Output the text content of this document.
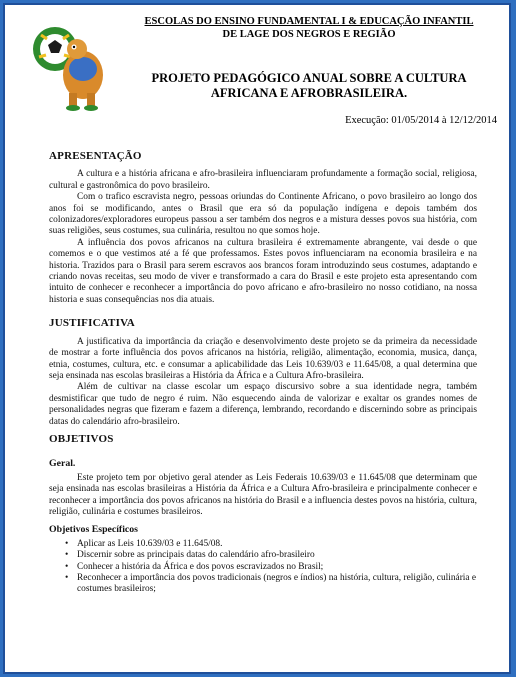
ESCOLAS DO ENSINO FUNDAMENTAL I & EDUCAÇÃO INFANTIL
DE LAGE DOS NEGROS E REGIÃO
PROJETO PEDAGÓGICO ANUAL SOBRE A CULTURA
AFRICANA E AFROBRASILEIRA.
Execução: 01/05/2014 à 12/12/2014
APRESENTAÇÃO

A cultura e a história africana e afro-brasileira influenciaram profundamente a formação social, religiosa, cultural e gastronômica do povo brasileiro.

Com o trafico escravista negro, pessoas oriundas do Continente Africano, o povo brasileiro ao longo dos anos foi se modificando, antes o Brasil que era só da população indígena e depois também dos colonizadores/exploradores europeus passou a ser também dos negros e a mistura desses povos sua história, com suas religiões, seus costumes, sua culinária, resultou no que somos hoje.

A influência dos povos africanos na cultura brasileira é extremamente abrangente, vai desde o que comemos e o que vestimos até a fé que professamos. Estes povos influenciaram na economia brasileira e na historia. Trazidos para o Brasil para serem escravos aos brancos foram introduzindo seus costumes, adaptando e criando novas receitas, seu modo de viver e transformado a cara do Brasil e este projeto esta apresentando com intuito de conhecer e reconhecer a importância do povo africano e afro-brasileiro no nosso cotidiano, na nossa historia e suas consequências nos dia atuais.

JUSTIFICATIVA

A justificativa da importância da criação e desenvolvimento deste projeto se da primeira da necessidade de mostrar a forte influência dos povos africanos na história, religião, alimentação, economia, musica, dança, etnia, costumes, cultura, etc. e consumar a aplicabilidade das Leis 10.639/03 e 11.645/08, a qual determina que seja ensinada nas escolas brasileiras a História da África e a Cultura Afro-brasileira.

Além de cultivar na classe escolar um espaço discursivo sobre a sua identidade negra, também desmistificar que tudo de negro é ruim. Não esquecendo ainda de valorizar e exaltar os grandes nomes de personalidades negras que fizeram e fazem a diferença, lembrando, recordando e discernindo sobre as principais datas do calendário afro-brasileiro.

OBJETIVOS
Geral.

Este projeto tem por objetivo geral atender as Leis Federais 10.639/03 e 11.645/08 que determinam que seja ensinada nas escolas brasileiras a História da África e a Cultura Afro-brasileira e principalmente conhecer e reconhecer a importância dos povos africanos na história do Brasil e a influencia destes povos na história, cultura, religião, culinária e costumes brasileiros.

Objetivos Específicos
• Aplicar as Leis 10.639/03 e 11.645/08.
• Discernir sobre as principais datas do calendário afro-brasileiro
• Conhecer a história da África e dos povos escravizados no Brasil;
• Reconhecer a importância dos povos tradicionais (negros e índios) na história, cultura, religião, culinária e costumes brasileiros;
